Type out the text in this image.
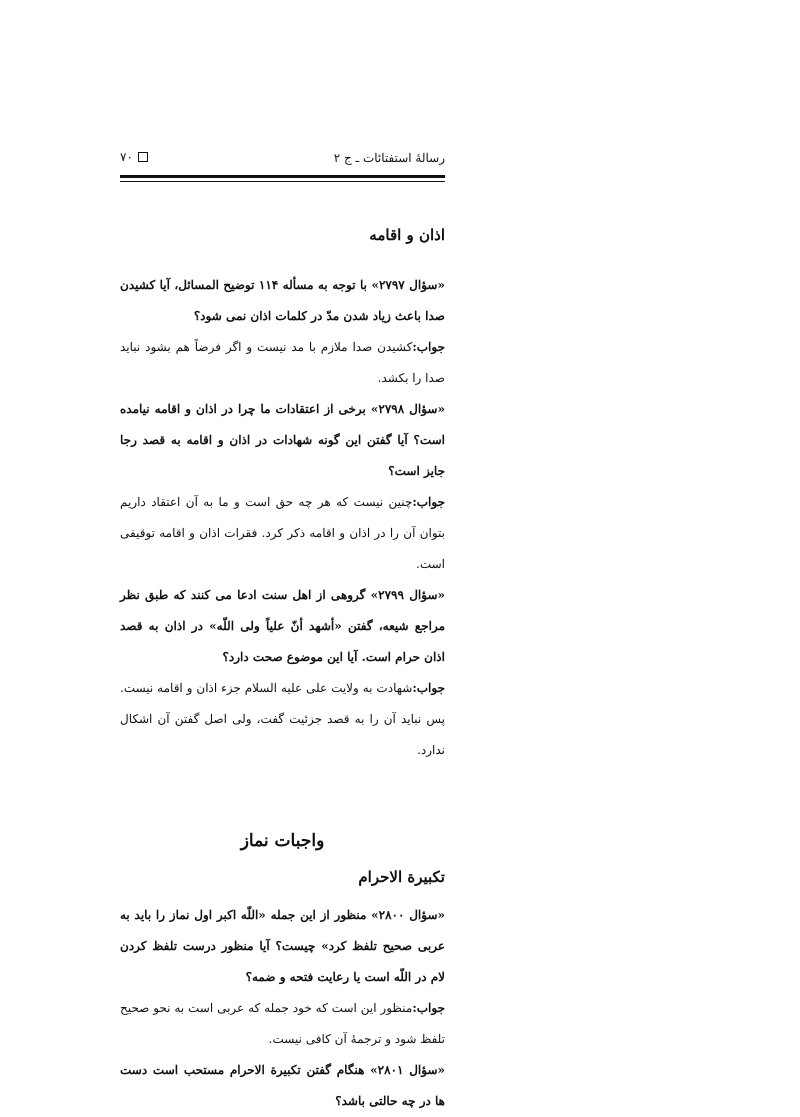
رسالهٔ استفتائات ـ ج ۲
۷۰
اذان و اقامه

«سؤال ۲۷۹۷» با توجه به مسأله ۱۱۴ توضیح المسائل، آیا کشیدن صدا باعث زیاد شدن مدّ در کلمات اذان نمی شود؟

جواب:کشیدن صدا ملازم با مد نیست و اگر فرضاً هم بشود نباید صدا را بکشد.

«سؤال ۲۷۹۸» برخی از اعتقادات ما چرا در اذان و اقامه نیامده است؟ آیا گفتن این گونه شهادات در اذان و اقامه به قصد رجا جایز است؟

جواب:چنین نیست که هر چه حق است و ما به آن اعتقاد داریم بتوان آن را در اذان و اقامه ذکر کرد. فقرات اذان و اقامه توقیفی است.

«سؤال ۲۷۹۹» گروهی از اهل سنت ادعا می کنند که طبق نظر مراجع شیعه، گفتن «أشهد أنّ علیاً ولی اللّه» در اذان به قصد اذان حرام است. آیا این موضوع صحت دارد؟

جواب:شهادت به ولایت علی علیه السلام جزء اذان و اقامه نیست. پس نباید آن را به قصد جزئیت گفت، ولی اصل گفتن آن اشکال ندارد.

واجبات نماز
تکبیرة الاحرام

«سؤال ۲۸۰۰» منظور از این جمله «اللّه اکبر اول نماز را باید به عربی صحیح تلفظ کرد» چیست؟ آیا منظور درست تلفظ کردن لام در اللّه است یا رعایت فتحه و ضمه؟

جواب:منظور این است که خود جمله که عربی است به نحو صحیح تلفظ شود و ترجمهٔ آن کافی نیست.

«سؤال ۲۸۰۱» هنگام گفتن تکبیرة الاحرام مستحب است دست ها در چه حالتی باشد؟
